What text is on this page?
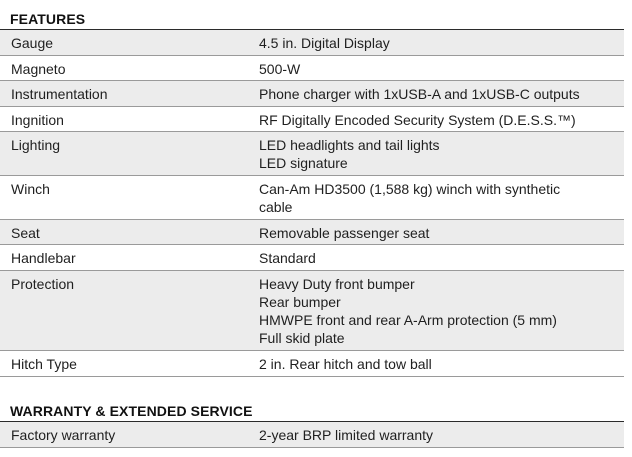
FEATURES
Gauge	4.5 in. Digital Display
Magneto	500-W
Instrumentation	Phone charger with 1xUSB-A and 1xUSB-C outputs
Ingnition	RF Digitally Encoded Security System (D.E.S.S.™)
Lighting	LED headlights and tail lights
LED signature
Winch	Can-Am HD3500 (1,588 kg) winch with synthetic
cable
Seat	Removable passenger seat
Handlebar	Standard
Protection	Heavy Duty front bumper
Rear bumper
HMWPE front and rear A-Arm protection (5 mm)
Full skid plate
Hitch Type	2 in. Rear hitch and tow ball
WARRANTY & EXTENDED SERVICE
Factory warranty	2-year BRP limited warranty
